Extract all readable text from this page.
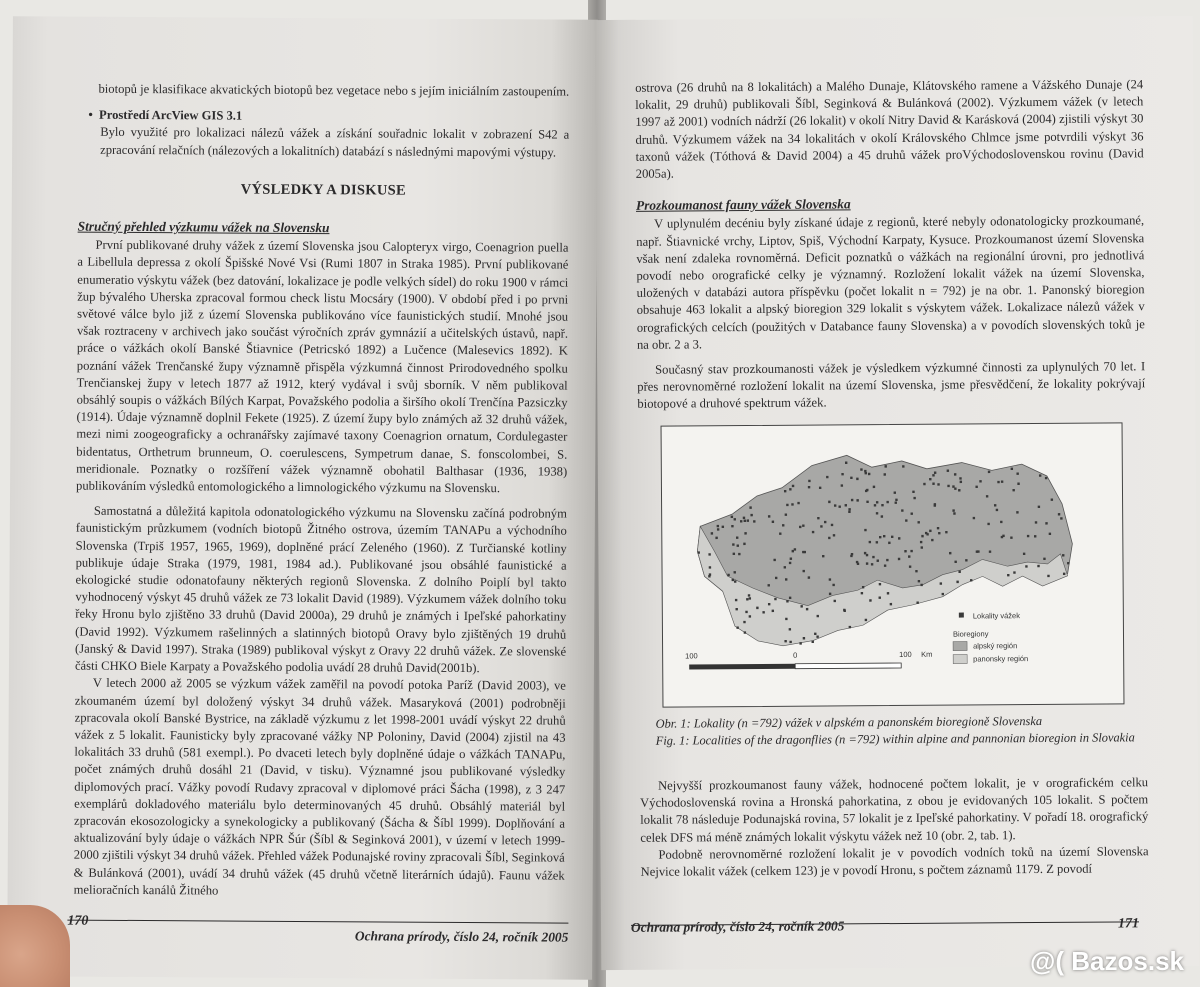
biotopů je klasifikace akvatických biotopů bez vegetace nebo s jejím iniciálním zastoupením.

•  Prostředí ArcView GIS 3.1

Bylo využité pro lokalizaci nálezů vážek a získání souřadnic lokalit v zobrazení S42 a zpracování relačních (nálezových a lokalitních) databází s následnými mapovými výstupy.

VÝSLEDKY A DISKUSE
Stručný přehled výzkumu vážek na Slovensku

První publikované druhy vážek z území Slovenska jsou Calopteryx virgo, Coenagrion puella a Libellula depressa z okolí Špišské Nové Vsi (Rumi 1807 in Straka 1985). První publikované enumeratio výskytu vážek (bez datování, lokalizace je podle velkých sídel) do roku 1900 v rámci žup bývalého Uherska zpracoval formou check listu Mocsáry (1900). V období před i po prvni světové válce bylo již z území Slovenska publikováno více faunistických studií. Mnohé jsou však roztraceny v archivech jako součást výročních zpráv gymnázií a učitelských ústavů, např. práce o vážkách okolí Banské Štiavnice (Petricskó 1892) a Lučence (Malesevics 1892). K poznání vážek Trenčanské župy významně přispěla výzkumná činnost Prirodovedného spolku Trenčianskej župy v letech 1877 až 1912, který vydával i svůj sborník. V něm publikoval obsáhlý soupis o vážkách Bílých Karpat, Považského podolia a širšího okolí Trenčína Pazsiczky (1914). Údaje významně doplnil Fekete (1925). Z území župy bylo známých až 32 druhů vážek, mezi nimi zoogeograficky a ochranářsky zajímavé taxony Coenagrion ornatum, Cordulegaster bidentatus, Orthetrum brunneum, O. coerulescens, Sympetrum danae, S. fonscolombei, S. meridionale. Poznatky o rozšíření vážek významně obohatil Balthasar (1936, 1938) publikováním výsledků entomologického a limnologického výzkumu na Slovensku.

Samostatná a důležitá kapitola odonatologického výzkumu na Slovensku začíná podrobným faunistickým průzkumem (vodních biotopů Žitného ostrova, územím TANAPu a východního Slovenska (Trpiš 1957, 1965, 1969), doplněné prácí Zeleného (1960). Z Turčianské kotliny publikuje údaje Straka (1979, 1981, 1984 ad.). Publikované jsou obsáhlé faunistické a ekologické studie odonatofauny některých regionů Slovenska. Z dolního Poiplí byl takto vyhodnocený výskyt 45 druhů vážek ze 73 lokalit David (1989). Výzkumem vážek dolního toku řeky Hronu bylo zjištěno 33 druhů (David 2000a), 29 druhů je známých i Ipeľské pahorkatiny (David 1992). Výzkumem rašelinných a slatinných biotopů Oravy bylo zjištěných 19 druhů (Janský & David 1997). Straka (1989) publikoval výskyt z Oravy 22 druhů vážek. Ze slovenské části CHKO Biele Karpaty a Považského podolia uvádí 28 druhů David(2001b).

V letech 2000 až 2005 se výzkum vážek zaměřil na povodí potoka Paríž (David 2003), ve zkoumaném území byl doložený výskyt 34 druhů vážek. Masaryková (2001) podrobněji zpracovala okolí Banské Bystrice, na základě výzkumu z let 1998-2001 uvádí výskyt 22 druhů vážek z 5 lokalit. Faunisticky byly zpracované vážky NP Poloniny, David (2004) zjistil na 43 lokalitách 33 druhů (581 exempl.). Po dvaceti letech byly doplněné údaje o vážkách TANAPu, počet známých druhů dosáhl 21 (David, v tisku). Významné jsou publikované výsledky diplomových prací. Vážky povodí Rudavy zpracoval v diplomové práci Šácha (1998), z 3 247 exemplárů dokladového materiálu bylo determinovaných 45 druhů. Obsáhlý materiál byl zpracován ekosozologicky a synekologicky a publikovaný (Šácha & Šíbl 1999). Doplňování a aktualizování byly údaje o vážkách NPR Šúr (Šíbl & Seginková 2001), v území v letech 1999-2000 zjištili výskyt 34 druhů vážek. Přehled vážek Podunajské roviny zpracovali Šíbl, Seginková & Bulánková (2001), uvádí 34 druhů vážek (45 druhů včetně literárních údajů). Faunu vážek melioračních kanálů Žitného

170
Ochrana prírody, číslo 24, ročník 2005

ostrova (26 druhů na 8 lokalitách) a Malého Dunaje, Klátovského ramene a Vážského Dunaje (24 lokalit, 29 druhů) publikovali Šíbl, Seginková & Bulánková (2002). Výzkumem vážek (v letech 1997 až 2001) vodních nádrží (26 lokalit) v okolí Nitry David & Karásková (2004) zjistili výskyt 30 druhů. Výzkumem vážek na 34 lokalitách v okolí Královského Chlmce jsme potvrdili výskyt 36 taxonů vážek (Tóthová & David 2004) a 45 druhů vážek proVýchodoslovenskou rovinu (David 2005a).

Prozkoumanost fauny vážek Slovenska

V uplynulém decéniu byly získané údaje z regionů, které nebyly odonatologicky prozkoumané, např. Štiavnické vrchy, Liptov, Spiš, Východní Karpaty, Kysuce. Prozkoumanost území Slovenska však není zdaleka rovnoměrná. Deficit poznatků o vážkách na regionální úrovni, pro jednotlivá povodí nebo orografické celky je významný. Rozložení lokalit vážek na území Slovenska, uložených v databázi autora příspěvku (počet lokalit n = 792) je na obr. 1. Panonský bioregion obsahuje 463 lokalit a alpský bioregion 329 lokalit s výskytem vážek. Lokalizace nálezů vážek v orografických celcích (použitých v Databance fauny Slovenska) a v povodích slovenských toků je na obr. 2 a 3.

Současný stav prozkoumanosti vážek je výsledkem výzkumné činnosti za uplynulých 70 let. I přes nerovnoměrné rozložení lokalit na území Slovenska, jsme přesvědčení, že lokality pokrývají biotopové a druhové spektrum vážek.

Lokality vážek
Bioregiony
alpský región
panonsky región
100	0	100 Km

Obr. 1: Lokality (n =792) vážek v alpském a panonském bioregioně Slovenska

Fig. 1: Localities of the dragonflies (n =792) within alpine and pannonian bioregion in Slovakia

Nejvyšší prozkoumanost fauny vážek, hodnocené počtem lokalit, je v orografickém celku Východoslovenská rovina a Hronská pahorkatina, z obou je evidovaných 105 lokalit. S počtem lokalit 78 následuje Podunajská rovina, 57 lokalit je z Ipeľské pahorkatiny. V pořadí 18. orografický celek DFS má méně známých lokalit výskytu vážek než 10 (obr. 2, tab. 1).

Podobně nerovnoměrné rozložení lokalit je v povodích vodních toků na území Slovenska Nejvice lokalit vážek (celkem 123) je v povodí Hronu, s počtem záznamů 1179. Z povodí

Ochrana prírody, číslo 24, ročník 2005	171
@( Bazos.sk
